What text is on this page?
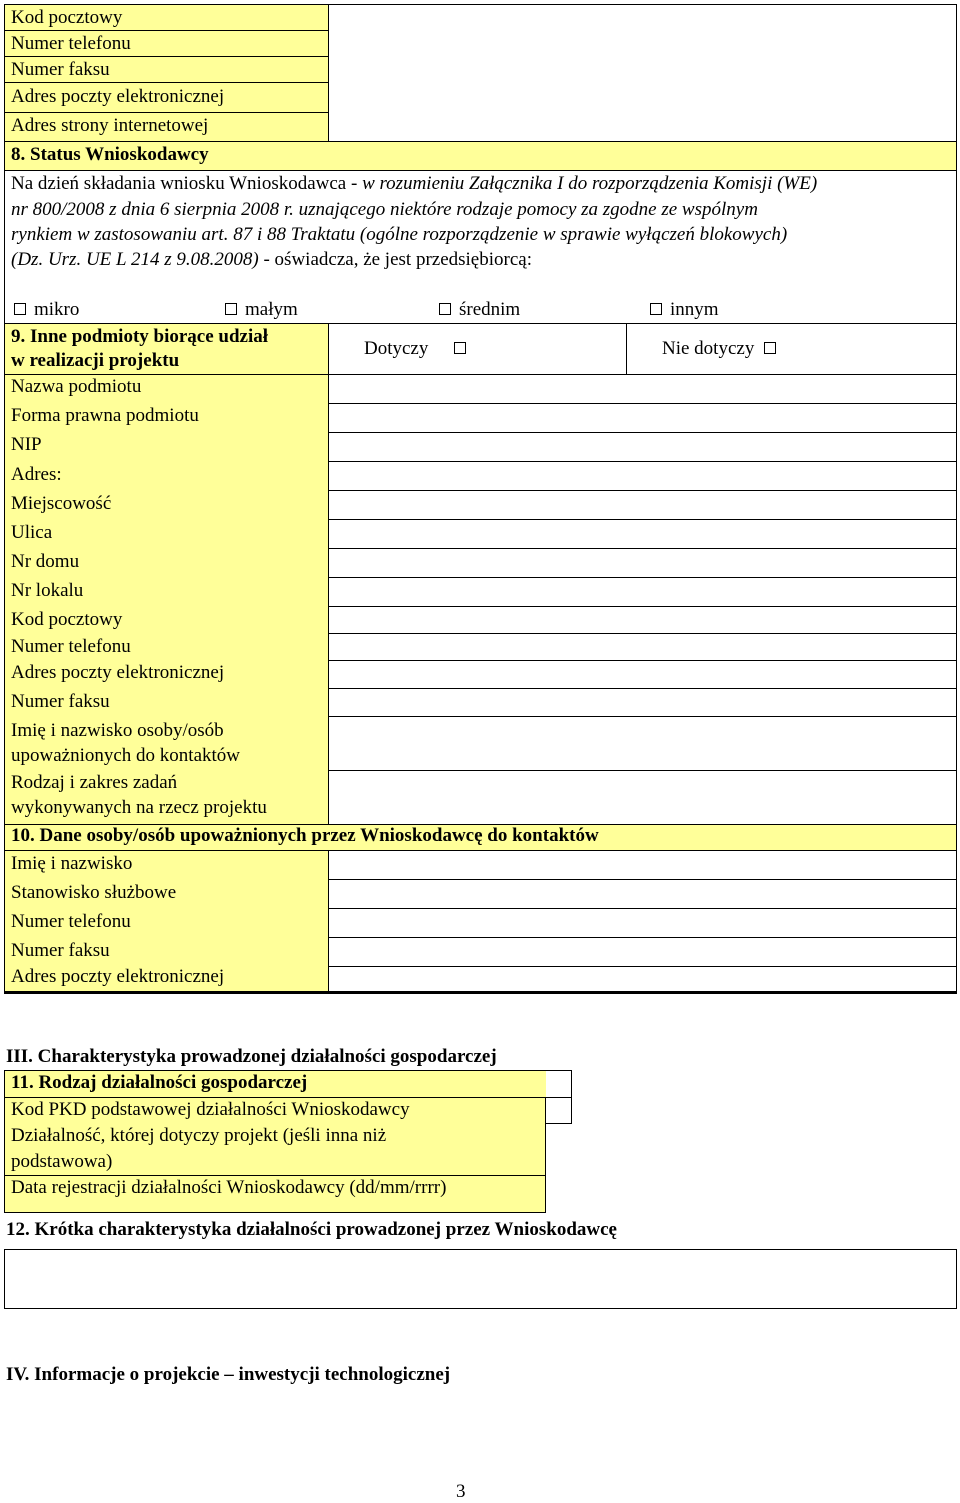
Kod pocztowy
Numer telefonu
Numer faksu
Adres poczty elektronicznej
Adres strony internetowej
8. Status Wnioskodawcy
Na dzień składania wniosku Wnioskodawca - w rozumieniu Załącznika I do rozporządzenia Komisji (WE)
nr 800/2008 z dnia 6 sierpnia 2008 r. uznającego niektóre rodzaje pomocy za zgodne ze wspólnym
rynkiem w zastosowaniu art. 87 i 88 Traktatu (ogólne rozporządzenie w sprawie wyłączeń blokowych)
(Dz. Urz. UE L 214 z 9.08.2008) - oświadcza, że jest przedsiębiorcą:
mikro	małym	średnim	innym
9. Inne podmioty biorące udział
w realizacji projektu
Dotyczy	Nie dotyczy
Nazwa podmiotu
Forma prawna podmiotu
NIP
Adres:
Miejscowość
Ulica
Nr domu
Nr lokalu
Kod pocztowy
Numer telefonu
Adres poczty elektronicznej
Numer faksu
Imię i nazwisko osoby/osób
upoważnionych do kontaktów
Rodzaj i zakres zadań
wykonywanych na rzecz projektu
10. Dane osoby/osób upoważnionych przez Wnioskodawcę do kontaktów
Imię i nazwisko
Stanowisko służbowe
Numer telefonu
Numer faksu
Adres poczty elektronicznej
III. Charakterystyka prowadzonej działalności gospodarczej
11. Rodzaj działalności gospodarczej
Kod PKD podstawowej działalności Wnioskodawcy
Działalność, której dotyczy projekt (jeśli inna niż
podstawowa)
Data rejestracji działalności Wnioskodawcy (dd/mm/rrrr)
12. Krótka charakterystyka działalności prowadzonej przez Wnioskodawcę
IV. Informacje o projekcie – inwestycji technologicznej
3
